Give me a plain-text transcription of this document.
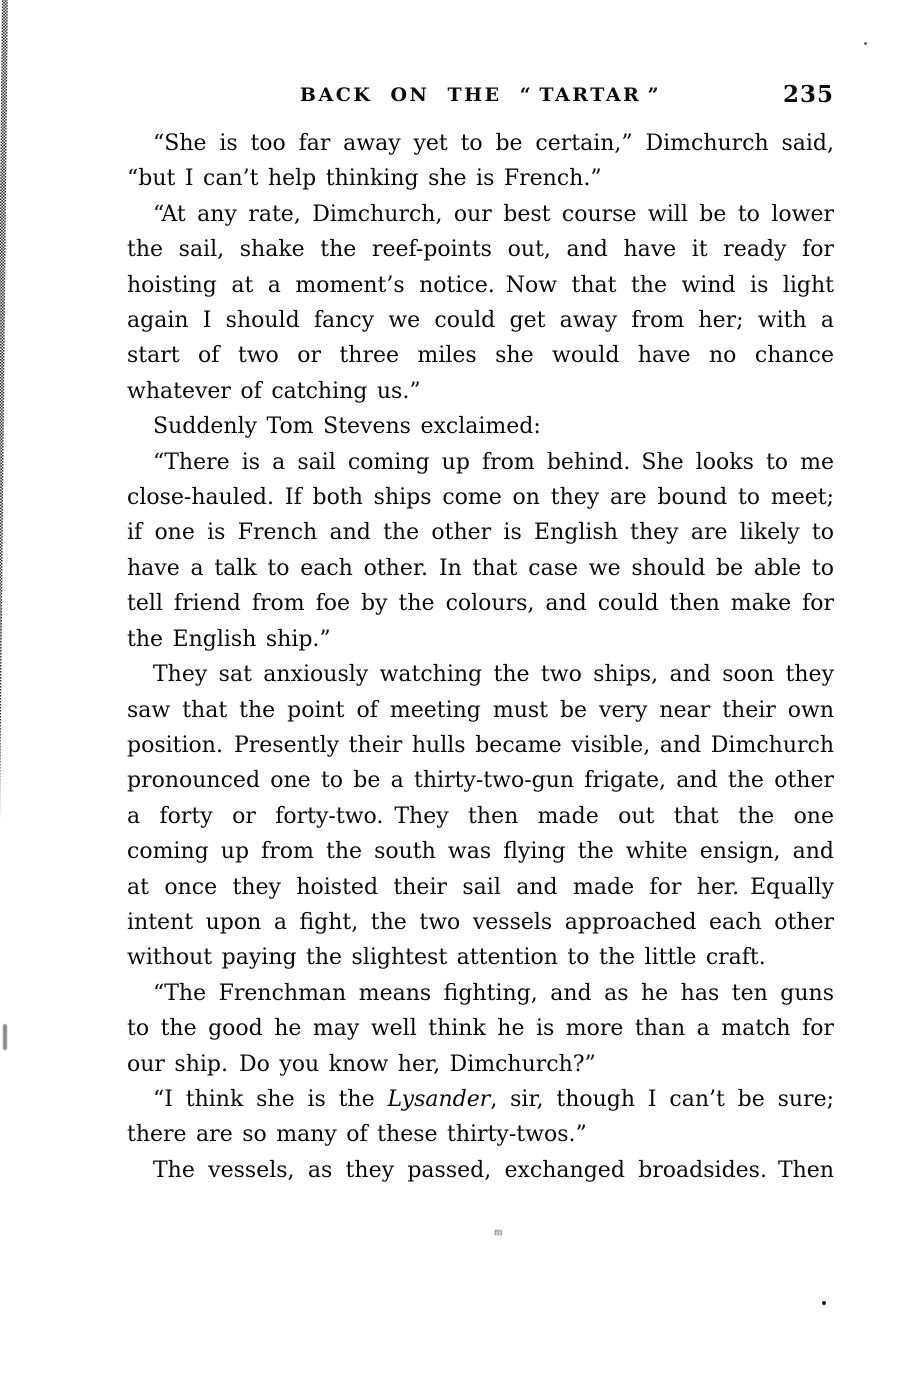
BACK ON THE “ TARTAR ”	235

“She is too far away yet to be certain,” Dimchurch said, “but I can’t help thinking she is French.”

“At any rate, Dimchurch, our best course will be to lower the sail, shake the reef-points out, and have it ready for hoisting at a moment’s notice. Now that the wind is light again I should fancy we could get away from her; with a start of two or three miles she would have no chance whatever of catching us.”

Suddenly Tom Stevens exclaimed:

“There is a sail coming up from behind. She looks to me close-hauled. If both ships come on they are bound to meet; if one is French and the other is English they are likely to have a talk to each other. In that case we should be able to tell friend from foe by the colours, and could then make for the English ship.”

They sat anxiously watching the two ships, and soon they saw that the point of meeting must be very near their own position. Presently their hulls became visible, and Dimchurch pronounced one to be a thirty-two-gun frigate, and the other a forty or forty-two. They then made out that the one coming up from the south was flying the white ensign, and at once they hoisted their sail and made for her. Equally intent upon a fight, the two vessels approached each other without paying the slightest attention to the little craft.

“The Frenchman means fighting, and as he has ten guns to the good he may well think he is more than a match for our ship. Do you know her, Dimchurch?”

“I think she is the Lysander, sir, though I can’t be sure; there are so many of these thirty-twos.”

The vessels, as they passed, exchanged broadsides. Then

m
